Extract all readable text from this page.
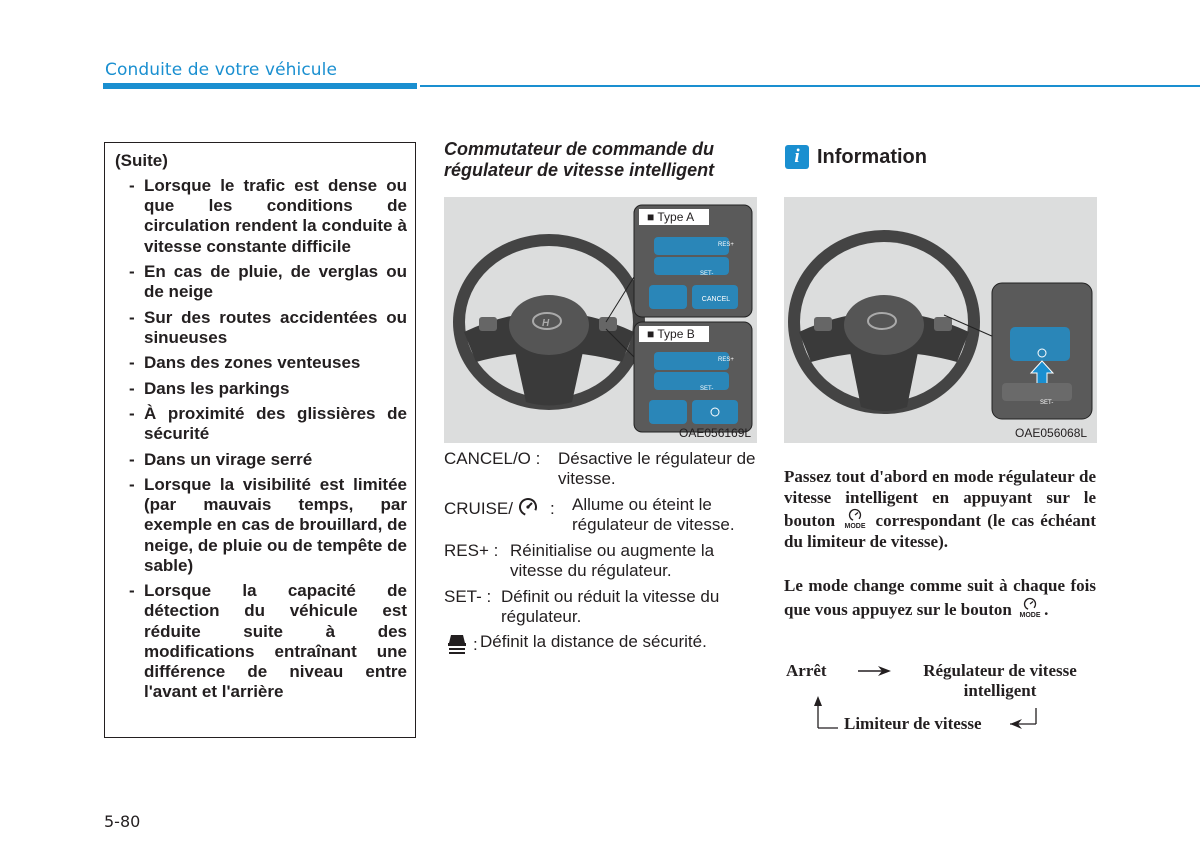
Conduite de votre véhicule
(Suite)
- Lorsque le trafic est dense ou que les conditions de circulation rendent la conduite à vitesse constante difficile
- En cas de pluie, de verglas ou de neige
- Sur des routes accidentées ou sinueuses
- Dans des zones venteuses
- Dans les parkings
- À proximité des glissières de sécurité
- Dans un virage serré
- Lorsque la visibilité est limitée (par mauvais temps, par exemple en cas de brouillard, de neige, de pluie ou de tempête de sable)
- Lorsque la capacité de détection du véhicule est réduite suite à des modifications entraînant une différence de niveau entre l'avant et l'arrière
Commutateur de commande du régulateur de vitesse intelligent
H
CANCEL
RES+
SET-
RES+
SET-
■ Type A
■ Type B
OAE056169L
CANCEL/O : Désactive le régulateur de vitesse.
CRUISE/ : Allume ou éteint le régulateur de vitesse.
RES+ : Réinitialise ou augmente la vitesse du régulateur.
SET- : Définit ou réduit la vitesse du régulateur.
: Définit la distance de sécurité.
i Information
SET-
OAE056068L
Passez tout d'abord en mode régulateur de vitesse intelligent en appuyant sur le bouton MODE correspondant (le cas échéant du limiteur de vitesse).
Le mode change comme suit à chaque fois que vous appuyez sur le bouton MODE .
Arrêt	Régulateur de vitesse
intelligent
Limiteur de vitesse
5-80
